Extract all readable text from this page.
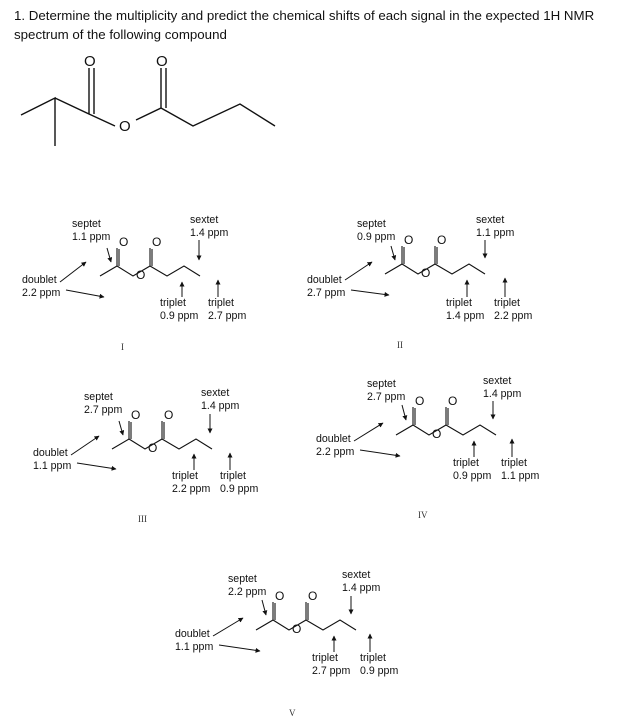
1. Determine the multiplicity and predict the chemical shifts of each signal in the expected 1H NMR
spectrum of the following compound
O	O
O
septet
1.1 ppm
sextet
1.4 ppm
doublet
2.2 ppm
triplet
0.9 ppm
triplet
2.7 ppm
O O
O
I
septet
0.9 ppm
sextet
1.1 ppm
doublet
2.7 ppm
triplet
1.4 ppm
triplet
2.2 ppm
O O
O
II
septet
2.7 ppm
sextet
1.4 ppm
doublet
1.1 ppm
triplet
2.2 ppm
triplet
0.9 ppm
O O
O
III
septet
2.7 ppm
sextet
1.4 ppm
doublet
2.2 ppm
triplet
0.9 ppm
triplet
1.1 ppm
O O
O
IV
septet
2.2 ppm
sextet
1.4 ppm
doublet
1.1 ppm
triplet
2.7 ppm
triplet
0.9 ppm
O O
O
V
